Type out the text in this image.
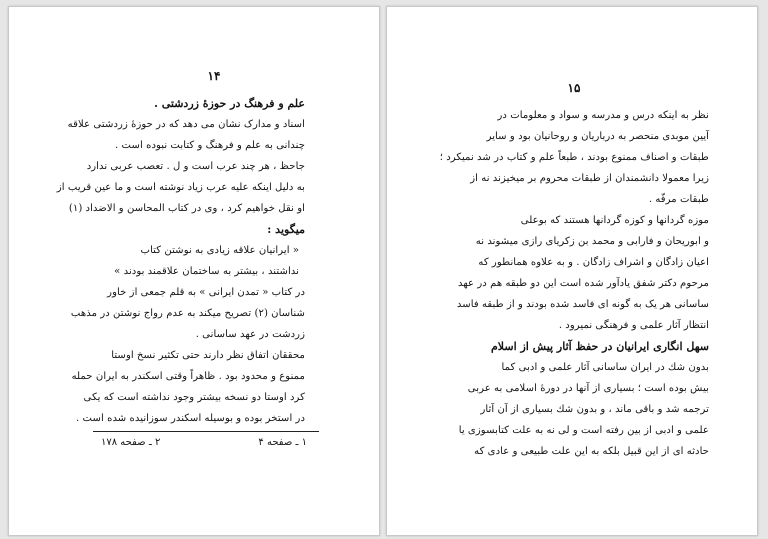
۱۴
علم و فرهنگ در حوزهٔ زردشتی .
اسناد و مدارک نشان می دهد که در حوزهٔ زردشتی علاقه
چندانی به علم و فرهنگ و کتابت نبوده است .
جاحظ ، هر چند عرب است و ل . تعصب عربی ندارد
به دلیل اینکه علیه عرب زیاد نوشته است و ما عین قریب از
او نقل خواهیم کرد ، وی در کتاب المحاسن و الاضداد (۱)
میگوید :
« ایرانیان علاقه زیادی به نوشتن کتاب
نداشتند ، بیشتر به ساختمان علاقمند بودند »
در کتاب « تمدن ایرانی » به قلم جمعی از خاور
شناسان (۲) تصریح میکند به عدم رواج نوشتن در مذهب
زردشت در عهد ساسانی .
محققان اتفاق نظر دارند حتی تکثیر نسخ اوستا
ممنوع و محدود بود . ظاهراً وقتی اسکندر به ایران حمله
کرد اوستا دو نسخه بیشتر وجود نداشته است که یکی
در استخر بوده و بوسیله اسکندر سوزانیده شده است .
۱ ـ صفحه ۴
۲ ـ صفحه ۱۷۸
۱۵
نظر به اینکه درس و مدرسه و سواد و معلومات در
آیین موبدی منحصر به درباریان و روحانیان بود و سایر
طبقات و اصناف ممنوع بودند ، طبعاً علم و کتاب در شد نمیکرد ؛
زیرا معمولا دانشمندان از طبقات محروم بر میخیزند نه از
طبقات مرفّه .
موزه گردانها و کوزه گردانها هستند که بوعلی
و ابوریحان و فارابی و محمد بن زکریای رازی میشوند نه
اعیان زادگان و اشراف زادگان . و به علاوه همانطور که
مرحوم دکتر شفق یادآور شده است این دو طبقه هم در عهد
ساسانی هر یک به گونه ای فاسد شده بودند و از طبقه فاسد
انتظار آثار علمی و فرهنگی نمیرود .
سهل انگاری ایرانیان در حفظ آثار پیش از اسلام
بدون شك در ایران ساسانی آثار علمی و ادبی کما
بیش بوده است ؛ بسیاری از آنها در دورهٔ اسلامی به عربی
ترجمه شد و باقی ماند ، و بدون شك بسیاری از آن آثار
علمی و ادبی از بین رفته است و لی نه به علت کتابسوزی یا
حادثه ای از این قبیل بلکه به این علت طبیعی و عادی که
